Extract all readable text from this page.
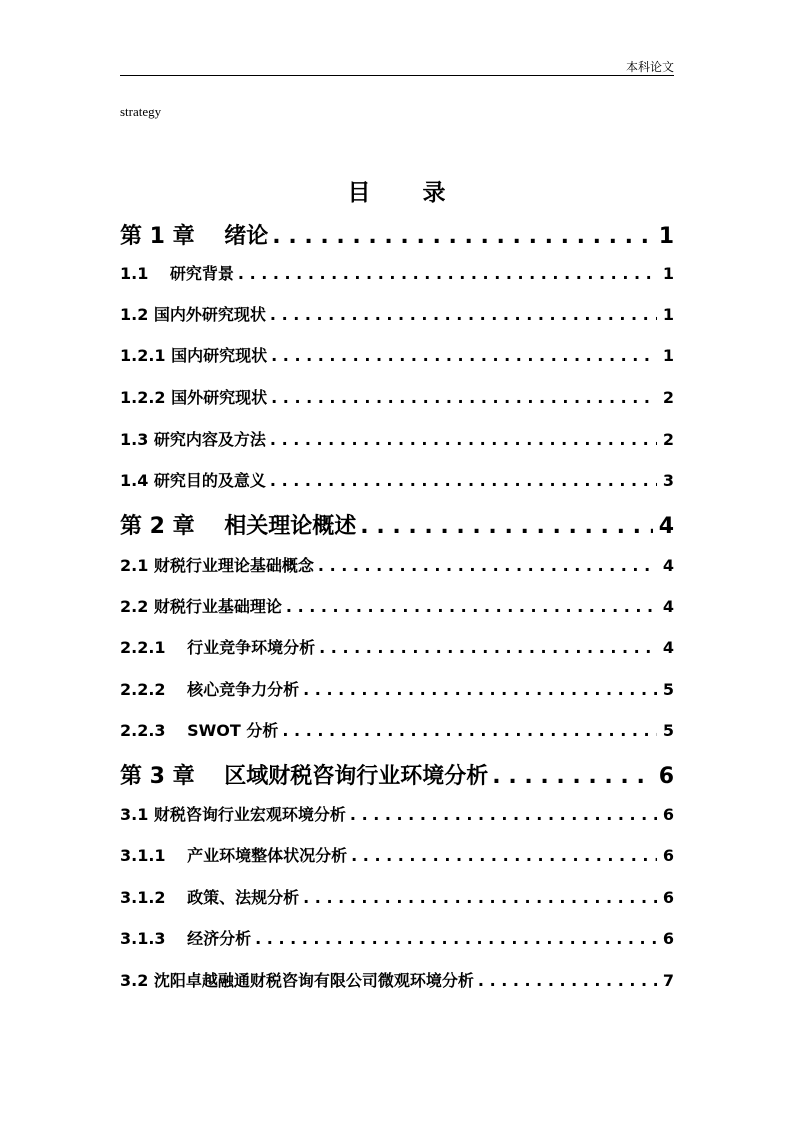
本科论文
strategy
目 录
第 1 章　 绪论 . . .	1
1.1　 研究背景 . . .	1
1.2 国内外研究现状 . . .	1
1.2.1 国内研究现状 . . .	1
1.2.2 国外研究现状 . . .	2
1.3 研究内容及方法 . . .	2
1.4 研究目的及意义 . . .	3
第 2 章　 相关理论概述 . . .	4
2.1 财税行业理论基础概念 . . .	4
2.2 财税行业基础理论 . . .	4
2.2.1　 行业竞争环境分析 . . .	4
2.2.2　 核心竞争力分析 . . .	5
2.2.3　 SWOT 分析 . . .	5
第 3 章　 区域财税咨询行业环境分析 . . .	6
3.1 财税咨询行业宏观环境分析 . . .	6
3.1.1　 产业环境整体状况分析 . . .	6
3.1.2　 政策、法规分析 . . .	6
3.1.3　 经济分析 . . .	6
3.2 沈阳卓越融通财税咨询有限公司微观环境分析 . . .	7
